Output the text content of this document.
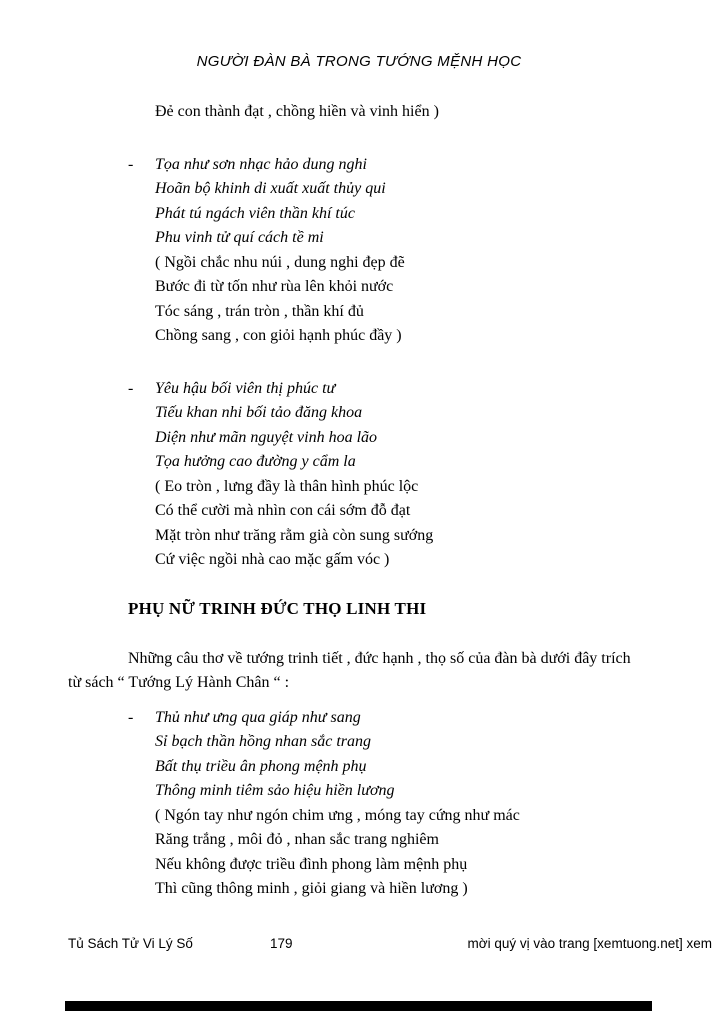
NGƯỜI ĐÀN BÀ TRONG TƯỚNG MỆNH HỌC
Đẻ con thành đạt , chồng hiền và vinh hiển )
- Tọa như sơn nhạc hảo dung nghi
Hoãn bộ khinh di xuất xuất thủy qui
Phát tú ngách viên thần khí túc
Phu vinh tử quí cách tề mi
( Ngồi chắc nhu núi , dung nghi đẹp đẽ
Bước đi từ tốn như rùa lên khỏi nước
Tóc sáng , trán tròn , thần khí đủ
Chồng sang , con giỏi hạnh phúc đầy )
- Yêu hậu bối viên thị phúc tư
Tiếu khan nhi bối tảo đăng khoa
Diện như mãn nguyệt vinh hoa lão
Tọa hưởng cao đường y cẩm la
( Eo tròn , lưng đầy là thân hình phúc lộc
Có thể cười mà nhìn con cái sớm đỗ đạt
Mặt tròn như trăng rằm già còn sung sướng
Cứ việc ngồi nhà cao mặc gấm vóc )
PHỤ NỮ TRINH ĐỨC THỌ LINH THI
Những câu thơ về tướng trinh tiết , đức hạnh , thọ số của đàn bà dưới đây trích
từ sách “ Tướng Lý Hành Chân “ :
- Thủ như ưng qua giáp như sang
Sỉ bạch thần hồng nhan sắc trang
Bất thụ triều ân phong mệnh phụ
Thông minh tiêm sảo hiệu hiền lương
( Ngón tay như ngón chim ưng , móng tay cứng như mác
Răng trắng , môi đỏ , nhan sắc trang nghiêm
Nếu không được triều đình phong làm mệnh phụ
Thì cũng thông minh , giỏi giang và hiền lương )
Tủ Sách Tử Vi Lý Số	179	mời quý vị vào trang [xemtuong.net] xem
